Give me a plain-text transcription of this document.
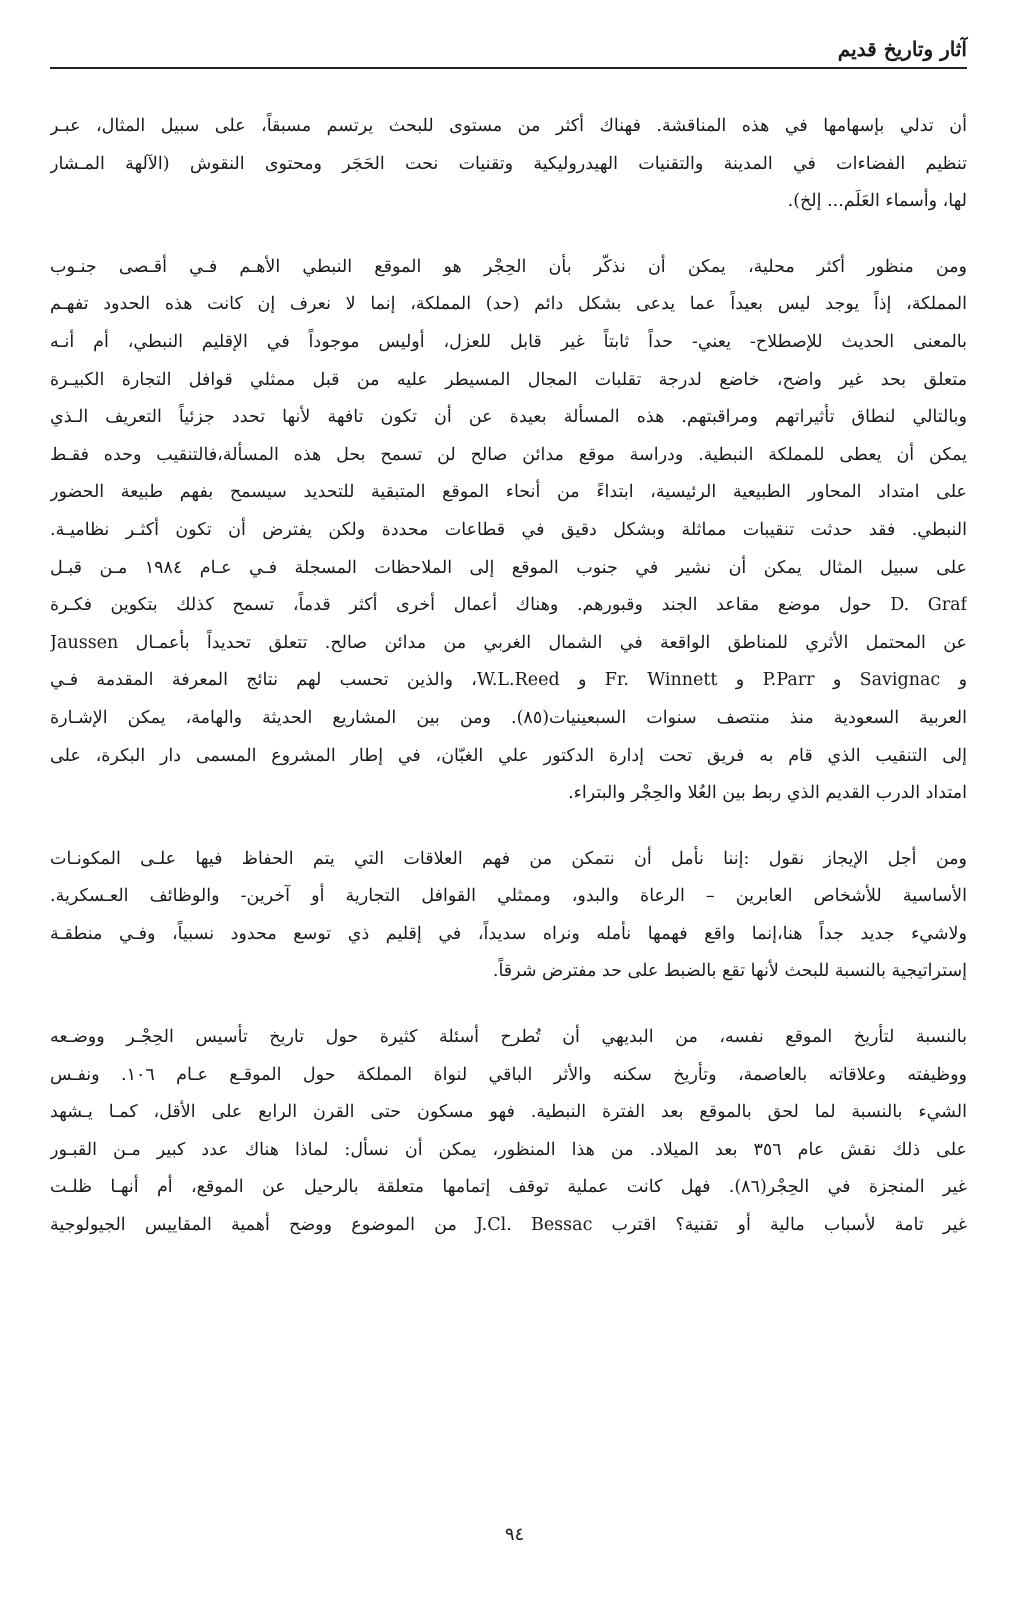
آثار وتاريخ قديم

أن تدلي بإسهامها في هذه المناقشة. فهناك أكثر من مستوى للبحث يرتسم مسبقاً، على سبيل المثال، عبـر
تنظيم الفضاءات في المدينة والتقنيات الهيدروليكية وتقنيات نحت الحَجَر ومحتوى النقوش (الآلهة المـشار
لها، وأسماء العَلَم... إلخ).

ومن منظور أكثر محلية، يمكن أن نذكّر بأن الحِجْر هو الموقع النبطي الأهـم فـي أقـصى جنـوب
المملكة، إذاً يوجد ليس بعيداً عما يدعى بشكل دائم (حد) المملكة، إنما لا نعرف إن كانت هذه الحدود تفهـم
بالمعنى الحديث للإصطلاح- يعني- حداً ثابتاً غير قابل للعزل، أوليس موجوداً في الإقليم النبطي، أم أنـه
متعلق بحد غير واضح، خاضع لدرجة تقلبات المجال المسيطر عليه من قبل ممثلي قوافل التجارة الكبيـرة
وبالتالي لنطاق تأثيراتهم ومراقبتهم. هذه المسألة بعيدة عن أن تكون تافهة لأنها تحدد جزئياً التعريف الـذي
يمكن أن يعطى للمملكة النبطية. ودراسة موقع مدائن صالح لن تسمح بحل هذه المسألة،فالتنقيب وحده فقـط
على امتداد المحاور الطبيعية الرئيسية، ابتداءً من أنحاء الموقع المتبقية للتحديد سيسمح بفهم طبيعة الحضور
النبطي. فقد حدثت تنقيبات مماثلة وبشكل دقيق في قطاعات محددة ولكن يفترض أن تكون أكثـر نظاميـة.
على سبيل المثال يمكن أن نشير في جنوب الموقع إلى الملاحظات المسجلة فـي عـام ١٩٨٤ مـن قبـل
D. Graf حول موضع مقاعد الجند وقبورهم. وهناك أعمال أخرى أكثر قدماً، تسمح كذلك بتكوين فكـرة
عن المحتمل الأثري للمناطق الواقعة في الشمال الغربي من مدائن صالح. تتعلق تحديداً بأعمـال Jaussen
و Savignac و P.Parr و Fr. Winnett و W.L.Reed، والذين تحسب لهم نتائج المعرفة المقدمة فـي
العربية السعودية منذ منتصف سنوات السبعينيات(٨٥). ومن بين المشاريع الحديثة والهامة، يمكن الإشـارة
إلى التنقيب الذي قام به فريق تحت إدارة الدكتور علي الغبّان، في إطار المشروع المسمى دار البكرة، على
امتداد الدرب القديم الذي ربط بين العُلا والحِجْر والبتراء.

ومن أجل الإيجاز نقول :إننا نأمل أن نتمكن من فهم العلاقات التي يتم الحفاظ فيها علـى المكونـات
الأساسية للأشخاص العابرين – الرعاة والبدو، وممثلي القوافل التجارية أو آخرين- والوظائف العـسكرية.
ولاشيء جديد جداً هنا،إنما واقع فهمها نأمله ونراه سديداً، في إقليم ذي توسع محدود نسبياً، وفـي منطقـة
إستراتيجية بالنسبة للبحث لأنها تقع بالضبط على حد مفترض شرقاً.

بالنسبة لتأريخ الموقع نفسه، من البديهي أن تُطرح أسئلة كثيرة حول تاريخ تأسيس الحِجْـر ووضـعه
ووظيفته وعلاقاته بالعاصمة، وتأريخ سكنه والأثر الباقي لنواة المملكة حول الموقـع عـام ١٠٦. ونفـس
الشيء بالنسبة لما لحق بالموقع بعد الفترة النبطية. فهو مسكون حتى القرن الرابع على الأقل، كمـا يـشهد
على ذلك نقش عام ٣٥٦ بعد الميلاد. من هذا المنظور، يمكن أن نسأل: لماذا هناك عدد كبير مـن القبـور
غير المنجزة في الحِجْر(٨٦). فهل كانت عملية توقف إتمامها متعلقة بالرحيل عن الموقع، أم أنهـا ظلـت
غير تامة لأسباب مالية أو تقنية؟ اقترب J.Cl. Bessac من الموضوع ووضح أهمية المقاييس الجيولوجية

٩٤
